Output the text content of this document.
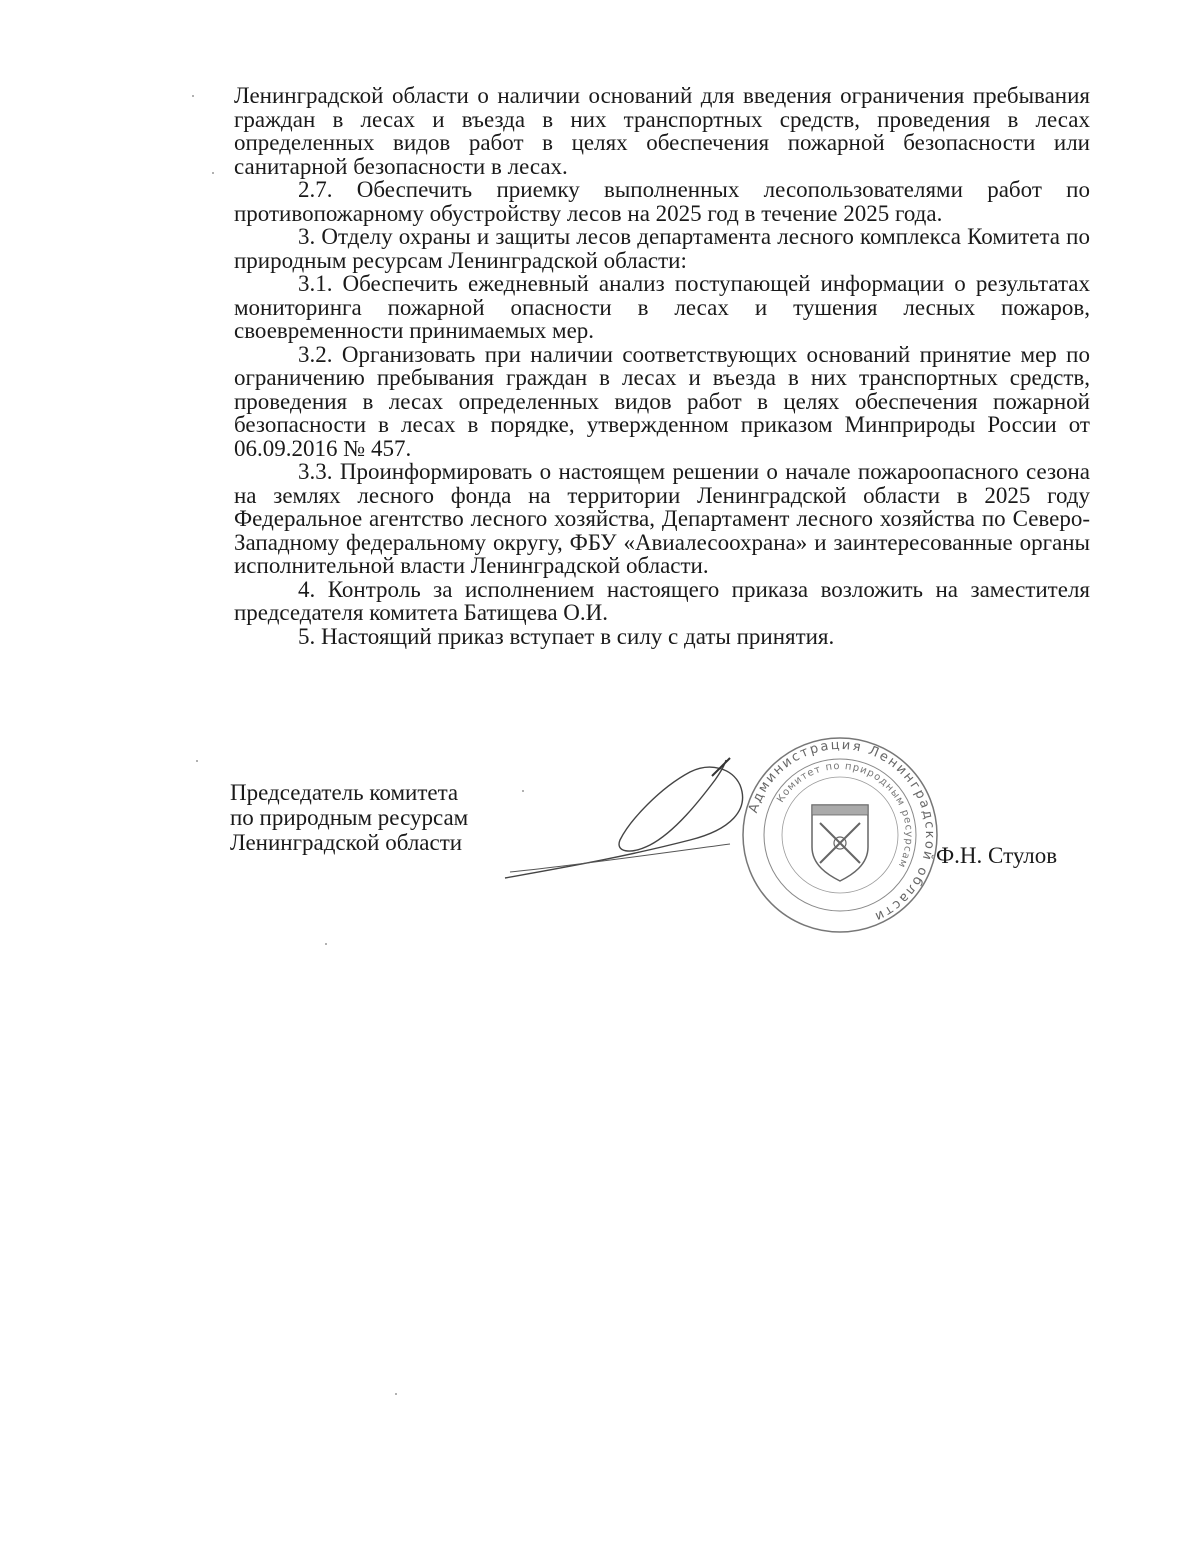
Ленинградской области о наличии оснований для введения ограничения пребывания граждан в лесах и въезда в них транспортных средств, проведения в лесах определенных видов работ в целях обеспечения пожарной безопасности или санитарной безопасности в лесах.

2.7. Обеспечить приемку выполненных лесопользователями работ по противопожарному обустройству лесов на 2025 год в течение 2025 года.

3. Отделу охраны и защиты лесов департамента лесного комплекса Комитета по природным ресурсам Ленинградской области:

3.1. Обеспечить ежедневный анализ поступающей информации о результатах мониторинга пожарной опасности в лесах и тушения лесных пожаров, своевременности принимаемых мер.

3.2. Организовать при наличии соответствующих оснований принятие мер по ограничению пребывания граждан в лесах и въезда в них транспортных средств, проведения в лесах определенных видов работ в целях обеспечения пожарной безопасности в лесах в порядке, утвержденном приказом Минприроды России от 06.09.2016 № 457.

3.3. Проинформировать о настоящем решении о начале пожароопасного сезона на землях лесного фонда на территории Ленинградской области в 2025 году Федеральное агентство лесного хозяйства, Департамент лесного хозяйства по Северо-Западному федеральному округу, ФБУ «Авиалесоохрана» и заинтересованные органы исполнительной власти Ленинградской области.

4. Контроль за исполнением настоящего приказа возложить на заместителя председателя комитета Батищева О.И.

5. Настоящий приказ вступает в силу с даты принятия.

Председатель комитета
по природным ресурсам
Ленинградской области
Ф.Н. Стулов
Администрация Ленинградской области
Комитет по природным ресурсам
